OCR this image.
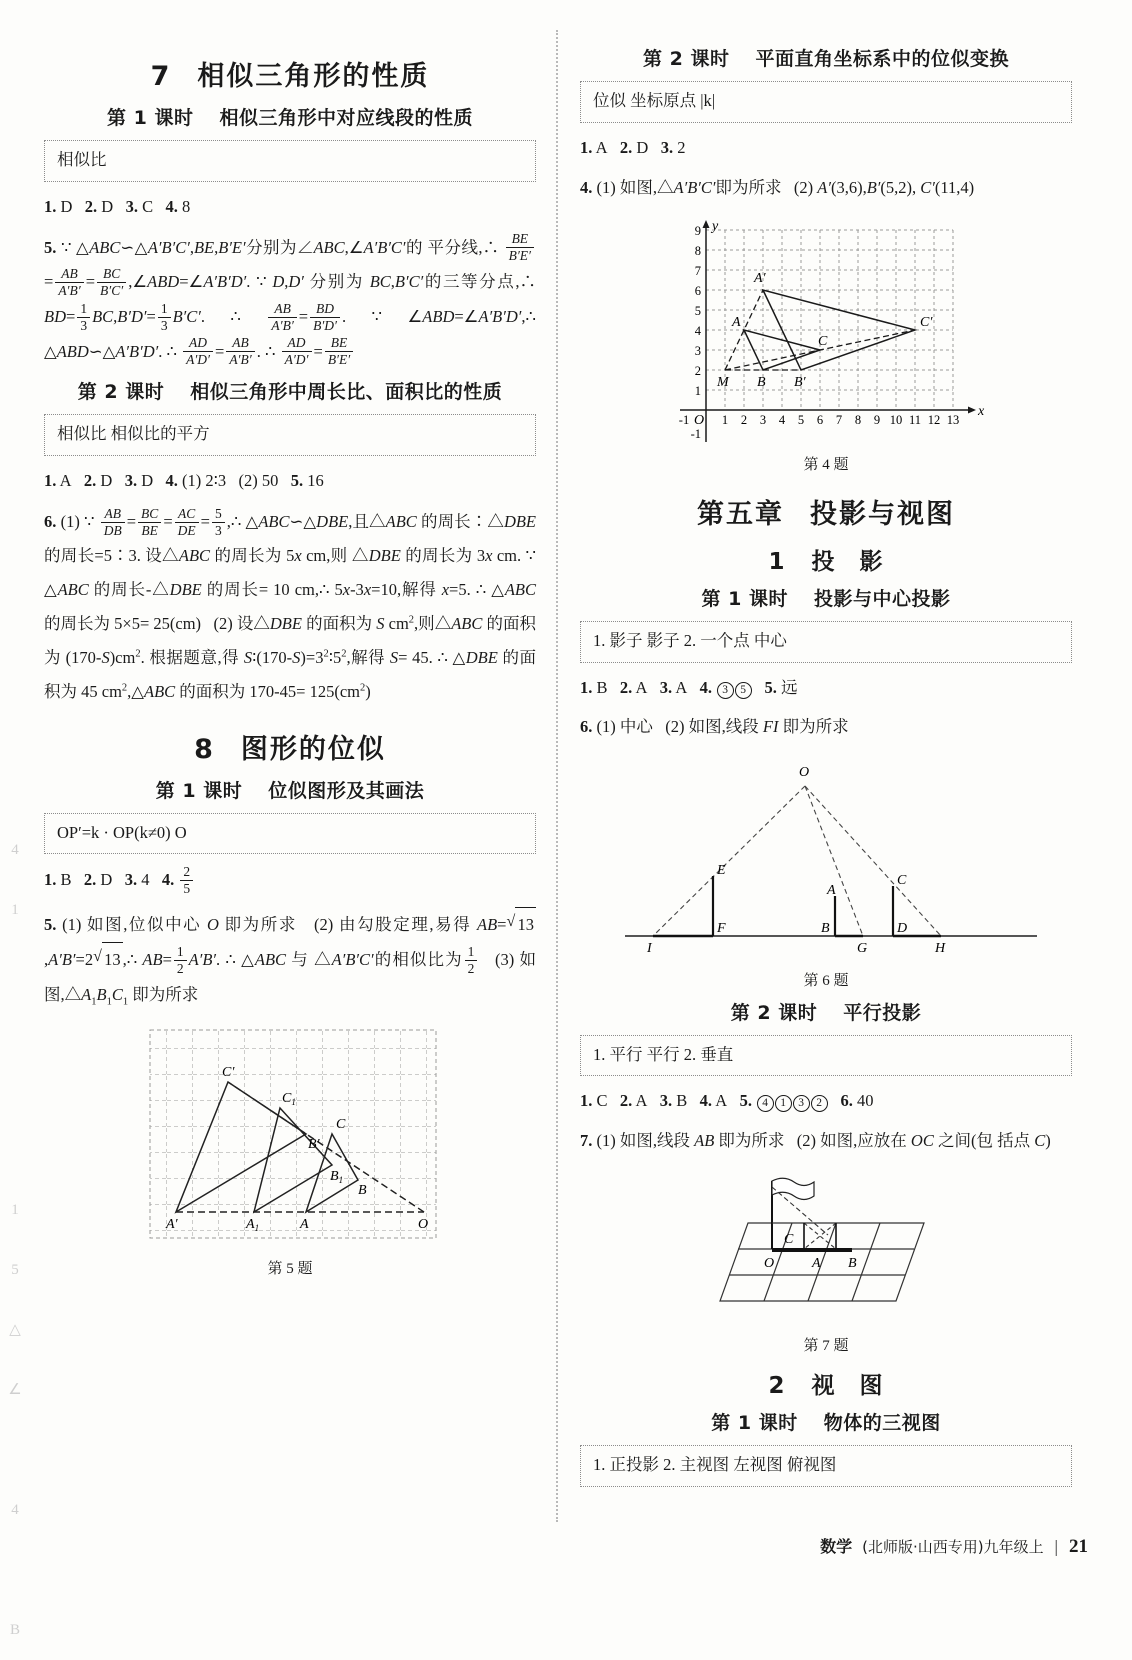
4
1

1
5
△
∠

4

B
7 相似三角形的性质
第 1 课时 相似三角形中对应线段的性质
相似比
1. D   2. D   3. C   4. 8
5. ∵ △ABC∽△A′B′C′,BE,B′E′分别为∠ABC,∠A′B′C′的 平分线,∴ $\frac{BE}{B'E'}$
= $\frac{AB}{A'B'} = \frac{BC}{B'C'}$ ,∠ABD=∠A′B′D′. ∵ D,D′ 分别为 BC,B′C′的三等分点,∴ $BD= \frac{1}{3} BC,B'D'= \frac{1}{3} B'C'$. ∴ $\frac{AB}{A'B'} = \frac{BD}{B'D'}$ . ∵ ∠ABD=∠A′B′D′,∴ △ABD∽△A′B′D′. ∴ $\frac{AD}{A'D'} = \frac{AB}{A'B'}$ . ∴ $\frac{AD}{A'D'} = \frac{BE}{B'E'}$
第 2 课时 相似三角形中周长比、面积比的性质
相似比 相似比的平方
1. A   2. D   3. D   4. (1) 2∶3   (2) 50   5. 16
6. (1) ∵ $\frac{AB}{DB} = \frac{BC}{BE} = \frac{AC}{DE} = \frac{5}{3}$ ,∴ △ABC∽△DBE,且△ABC 的周长∶△DBE 的周长=5∶3. 设△ABC 的周长为 5x cm,则 △DBE 的周长为 3x cm. ∵ △ABC 的周长-△DBE 的周长= 10 cm,∴ 5x-3x=10,解得 x=5. ∴ △ABC 的周长为 5×5= 25(cm)   (2) 设△DBE 的面积为 S $cm^2$,则△ABC 的面积为 $(170-S)cm^2$. 根据题意,得 $S∶(170-S)=3^2∶5^2$,解得 S= 45. ∴ △DBE 的面积为 45 $cm^2,\triangle ABC$ 的面积为 $170-45= 125(cm^2)$
8 图形的位似
第 1 课时 位似图形及其画法
OP′=k · OP(k≠0) O
1. B   2. D   3. 4   4. $\frac{2}{5}$
5. (1) 如图,位似中心 O 即为所求   (2) 由勾股定理,易得 AB= √ 13,A′B′=2 √ 13 ,∴ $AB= \frac{1}{2} A'B'$. ∴ △ABC 与 △A′B′C′的相似比为 $\frac{1}{2} (3)$ 如图$,\triangle A_1B_1C_1$ 即为所求
A′	$A_1$	A
B′
$B_1$
B
C′
$C_1$
C
O
第 5 题
第 2 课时 平面直角坐标系中的位似变换
位似 坐标原点 |k|
1. A   2. D   3. 2
4. (1) 如图,△A′B′C′即为所求   (2) A′(3,6),B′(5,2), C′(11,4)
y
x
O
-1	1 2 3 4 5 6 7 8 9 10 11 12 13
1
2
3
4
5
6
7
8
9
-1
A
A′
B B′
C
C′
M
第 4 题
第五章 投影与视图
1 投　影
第 1 课时 投影与中心投影
1. 影子 影子 2. 一个点 中心
1. B   2. A   3. A   4. 3 5 5. 远
6. (1) 中心   (2) 如图,线段 FI 即为所求
O
E
F
I
A
B
G
C
D
H
第 6 题
第 2 课时 平行投影
1. 平行 平行 2. 垂直
1. C   2. A   3. B   4. A   5. 4 1 3 2 6. 40
7. (1) 如图,线段 AB 即为所求   (2) 如图,应放在 OC 之间(包 括点 C)
C
O	A B
第 7 题
2 视　图
第 1 课时 物体的三视图
1. 正投影 2. 主视图 左视图 俯视图
数学 (北师版·山西专用)九年级上 | 21
